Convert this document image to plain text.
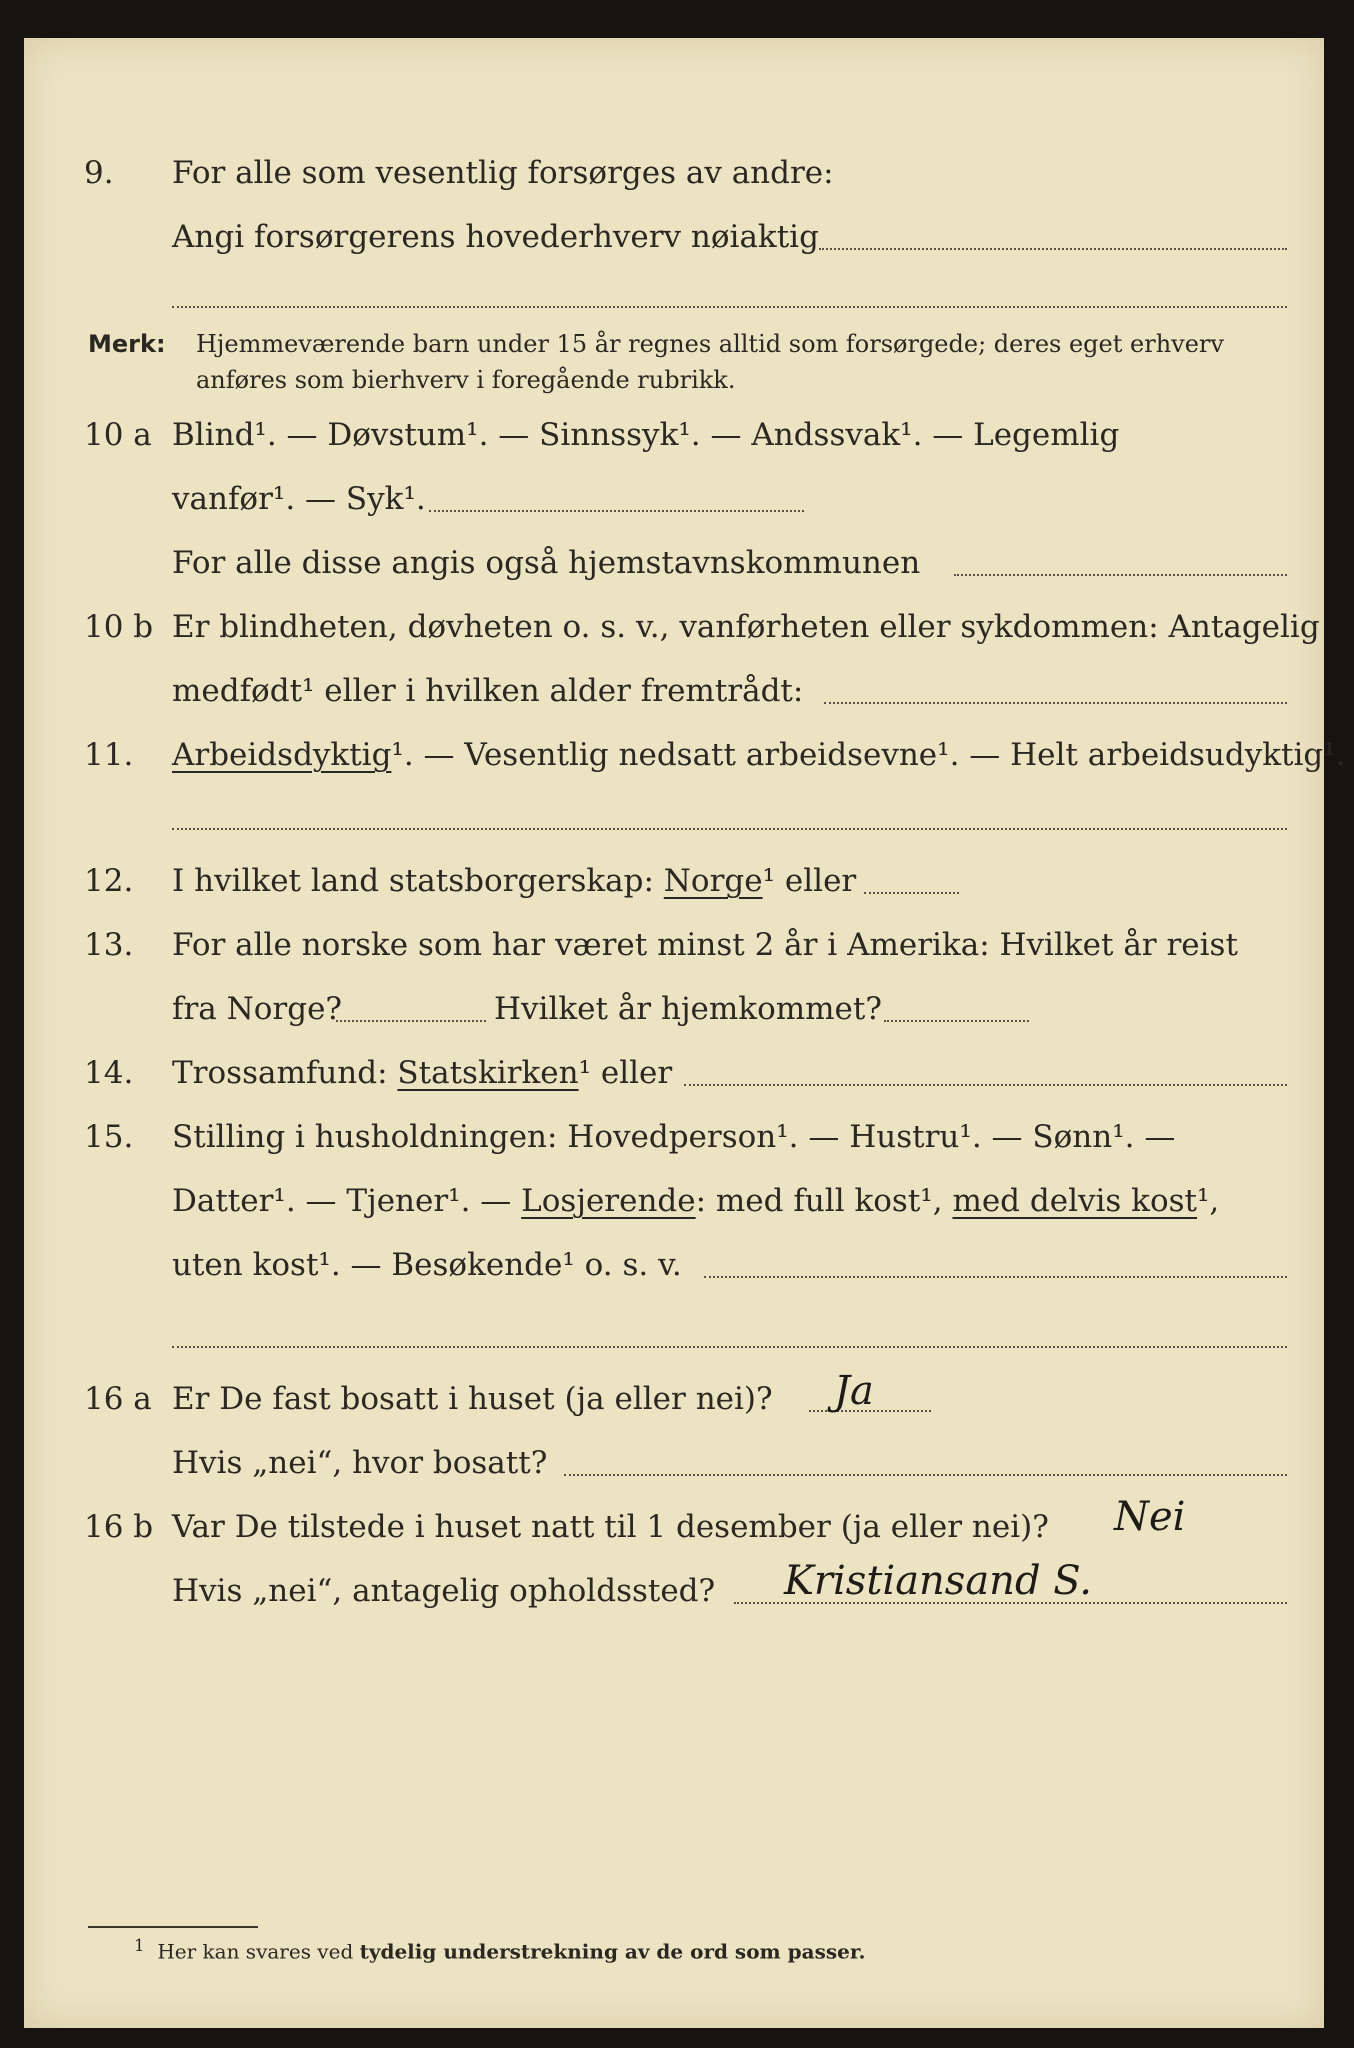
9. For alle som vesentlig forsørges av andre:
Angi forsørgerens hovederhverv nøiaktig
Merk: Hjemmeværende barn under 15 år regnes alltid som forsørgede; deres eget erhverv
anføres som bierhverv i foregående rubrikk.
10 a Blind¹. — Døvstum¹. — Sinnssyk¹. — Andssvak¹. — Legemlig
vanfør¹. — Syk¹.
For alle disse angis også hjemstavnskommunen
10 b Er blindheten, døvheten o. s. v., vanførheten eller sykdommen: Antagelig
medfødt¹ eller i hvilken alder fremtrådt:
11. Arbeidsdyktig¹. — Vesentlig nedsatt arbeidsevne¹. — Helt arbeidsudyktig¹.
12. I hvilket land statsborgerskap: Norge¹ eller
13. For alle norske som har været minst 2 år i Amerika: Hvilket år reist
fra Norge?	Hvilket år hjemkommet?
14. Trossamfund: Statskirken¹ eller
15. Stilling i husholdningen: Hovedperson¹. — Hustru¹. — Sønn¹. —
Datter¹. — Tjener¹. — Losjerende: med full kost¹, med delvis kost¹,
uten kost¹. — Besøkende¹ o. s. v.
16 a Er De fast bosatt i huset (ja eller nei)? Ja
Hvis „nei“, hvor bosatt?
16 b Var De tilstede i huset natt til 1 desember (ja eller nei)? Nei
Hvis „nei“, antagelig opholdssted? Kristiansand S.
$^1$ Her kan svares ved tydelig understrekning av de ord som passer.
